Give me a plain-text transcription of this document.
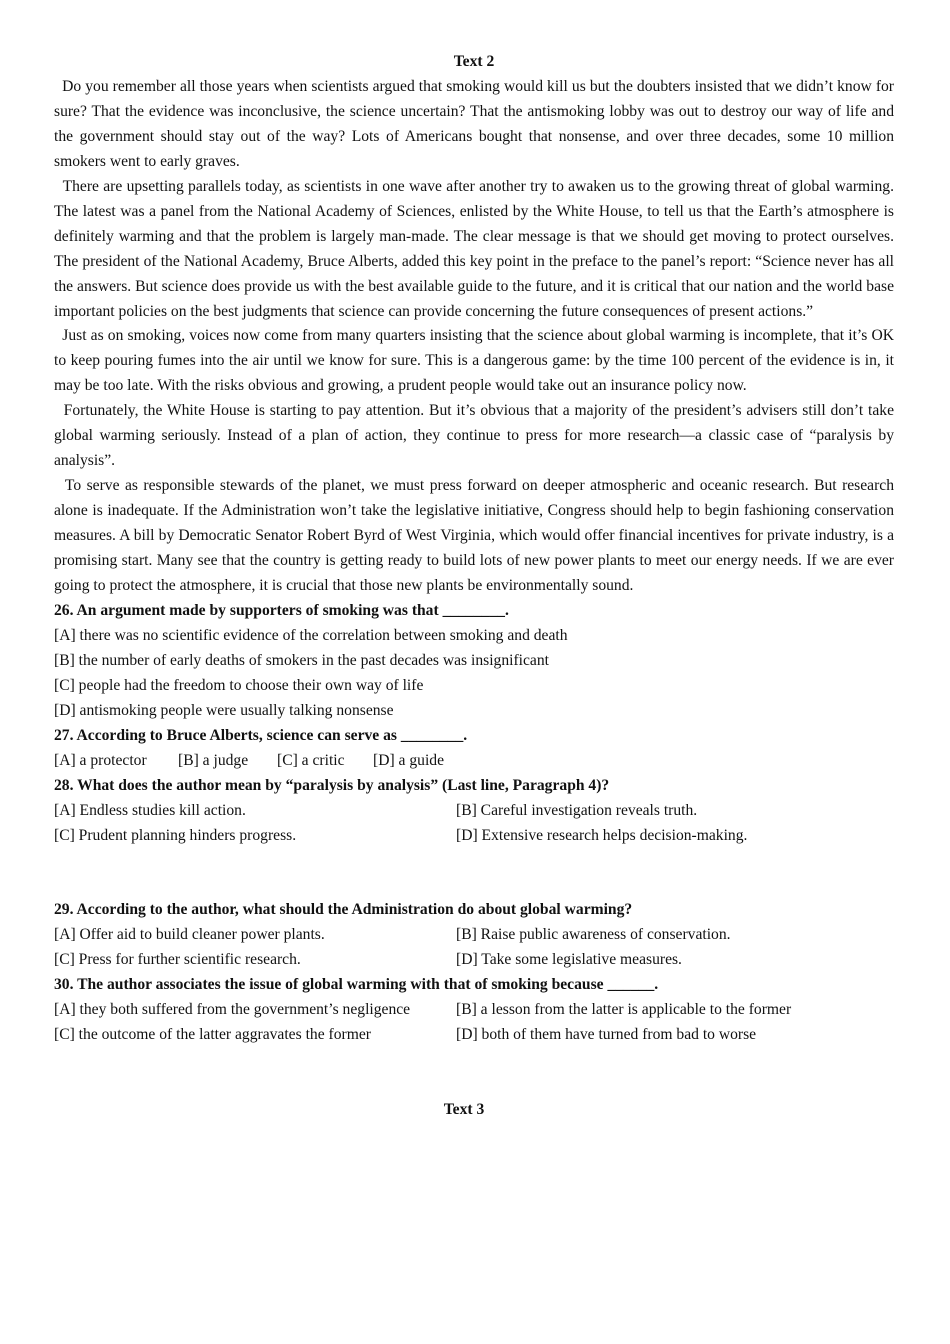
Text 2

Do you remember all those years when scientists argued that smoking would kill us but the doubters insisted that we didn’t know for sure? That the evidence was inconclusive, the science uncertain? That the antismoking lobby was out to destroy our way of life and the government should stay out of the way? Lots of Americans bought that nonsense, and over three decades, some 10 million smokers went to early graves.

There are upsetting parallels today, as scientists in one wave after another try to awaken us to the growing threat of global warming. The latest was a panel from the National Academy of Sciences, enlisted by the White House, to tell us that the Earth’s atmosphere is definitely warming and that the problem is largely man-made. The clear message is that we should get moving to protect ourselves. The president of the National Academy, Bruce Alberts, added this key point in the preface to the panel’s report: “Science never has all the answers. But science does provide us with the best available guide to the future, and it is critical that our nation and the world base important policies on the best judgments that science can provide concerning the future consequences of present actions.”

Just as on smoking, voices now come from many quarters insisting that the science about global warming is incomplete, that it’s OK to keep pouring fumes into the air until we know for sure. This is a dangerous game: by the time 100 percent of the evidence is in, it may be too late. With the risks obvious and growing, a prudent people would take out an insurance policy now.

Fortunately, the White House is starting to pay attention. But it’s obvious that a majority of the president’s advisers still don’t take global warming seriously. Instead of a plan of action, they continue to press for more research—a classic case of “paralysis by analysis”.

To serve as responsible stewards of the planet, we must press forward on deeper atmospheric and oceanic research. But research alone is inadequate. If the Administration won’t take the legislative initiative, Congress should help to begin fashioning conservation measures. A bill by Democratic Senator Robert Byrd of West Virginia, which would offer financial incentives for private industry, is a promising start. Many see that the country is getting ready to build lots of new power plants to meet our energy needs. If we are ever going to protect the atmosphere, it is crucial that those new plants be environmentally sound.

26. An argument made by supporters of smoking was that ________.

[A] there was no scientific evidence of the correlation between smoking and death

[B] the number of early deaths of smokers in the past decades was insignificant

[C] people had the freedom to choose their own way of life

[D] antismoking people were usually talking nonsense

27. According to Bruce Alberts, science can serve as ________.

[A] a protector [B] a judge [C] a critic [D] a guide

28. What does the author mean by “paralysis by analysis” (Last line, Paragraph 4)?

[A] Endless studies kill action.	[B] Careful investigation reveals truth.
[C] Prudent planning hinders progress.	[D] Extensive research helps decision-making.

29. According to the author, what should the Administration do about global warming?

[A] Offer aid to build cleaner power plants.	[B] Raise public awareness of conservation.
[C] Press for further scientific research.	[D] Take some legislative measures.

30. The author associates the issue of global warming with that of smoking because ______.

[A] they both suffered from the government’s negligence	[B] a lesson from the latter is applicable to the former
[C] the outcome of the latter aggravates the former	[D] both of them have turned from bad to worse

Text 3
